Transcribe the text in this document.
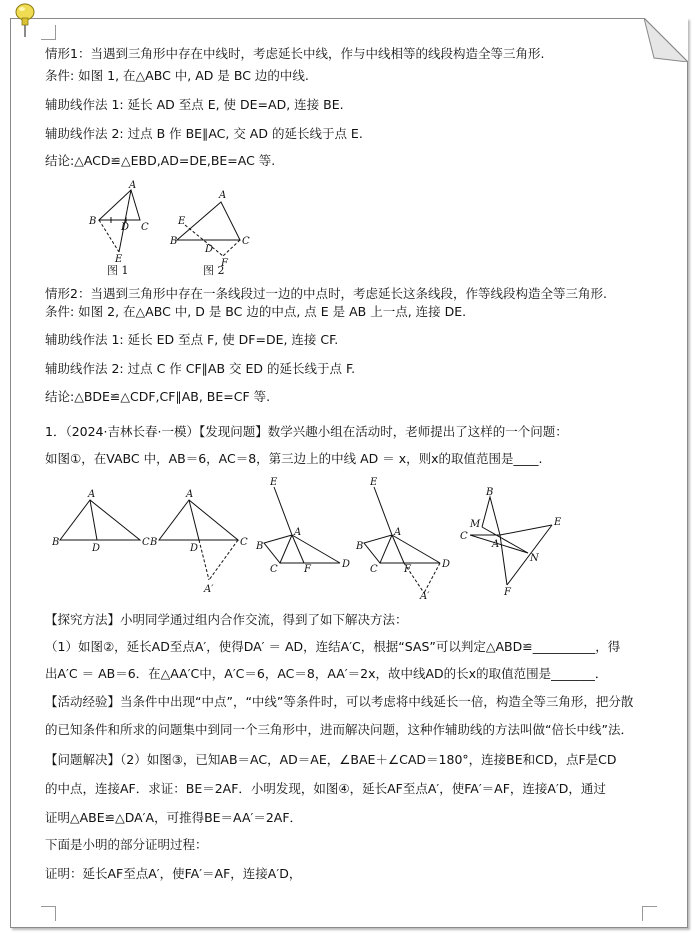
情形1：当遇到三角形中存在中线时，考虑延长中线，作与中线相等的线段构造全等三角形.
条件: 如图 1, 在△ABC 中, AD 是 BC 边的中线.
辅助线作法 1: 延长 AD 至点 E, 使 DE=AD, 连接 BE.
辅助线作法 2: 过点 B 作 BE∥AC, 交 AD 的延长线于点 E.
结论:△ACD≌△EBD,AD=DE,BE=AC 等.
A
B
C
D
E
图 1
A
B	C
D
E
F
图 2
情形2：当遇到三角形中存在一条线段过一边的中点时，考虑延长这条线段，作等线段构造全等三角形.
条件: 如图 2, 在△ABC 中, D 是 BC 边的中点, 点 E 是 AB 上一点, 连接 DE.
辅助线作法 1: 延长 ED 至点 F, 使 DF=DE, 连接 CF.
辅助线作法 2: 过点 C 作 CF∥AB 交 ED 的延长线于点 F.
结论:△BDE≌△CDF,CF∥AB, BE=CF 等.
1．（2024·吉林长春·一模）【发现问题】数学兴趣小组在活动时，老师提出了这样的一个问题：
如图①，在VABC 中，AB＝6，AC＝8，第三边上的中线 AD ＝ x，则x的取值范围是____.
A
B	C
D
A
B	C
D
A′
E
B
A
C	F	D
E
B
A
C	F	D
A′
B
M
C
A
N
E
F
【探究方法】小明同学通过组内合作交流，得到了如下解决方法：
（1）如图②，延长AD至点A′，使得DA′ ＝ AD，连结A′C，根据“SAS”可以判定△ABD≌__________，得
出A′C ＝ AB＝6．在△AA′C中，A′C＝6，AC＝8，AA′＝2x，故中线AD的长x的取值范围是_______．
【活动经验】当条件中出现“中点”，“中线”等条件时，可以考虑将中线延长一倍，构造全等三角形，把分散
的已知条件和所求的问题集中到同一个三角形中，进而解决问题，这种作辅助线的方法叫做“倍长中线”法．
【问题解决】（2）如图③，已知AB＝AC，AD＝AE，∠BAE＋∠CAD＝180°，连接BE和CD，点F是CD
的中点，连接AF．求证：BE＝2AF．小明发现，如图④，延长AF至点A′，使FA′＝AF，连接A′D，通过
证明△ABE≌△DA′A，可推得BE＝AA′＝2AF．
下面是小明的部分证明过程：
证明：延长AF至点A′，使FA′＝AF，连接A′D，
